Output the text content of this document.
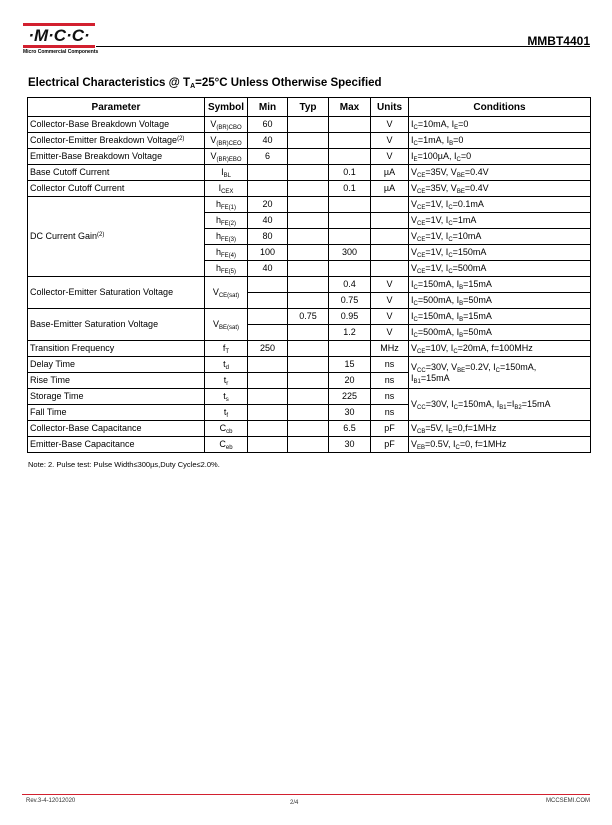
·M·C·C·
Micro Commercial Components
MMBT4401
Electrical Characteristics @ $T_A=25^\circ C$ Unless Otherwise Specified
Parameter	Symbol	Min	Typ	Max	Units	Conditions
Collector-Base Breakdown Voltage	$V_{(BR)CBO}$	60			V	$I_C=10mA$, $I_E=0$
Collector-Emitter Breakdown Voltage$^{(2)}$	$V_{(BR)CEO}$	40			V	$I_C=1mA$, $I_B=0$
Emitter-Base Breakdown Voltage	$V_{(BR)EBO}$	6			V	$I_E=100\mu A$, $I_C=0$
Base Cutoff Current	$I_{BL}$			0.1	µA	$V_{CE}=35V$, $V_{BE}=0.4V$
Collector Cutoff Current	$I_{CEX}$			0.1	µA	$V_{CE}=35V$, $V_{BE}=0.4V$
DC Current Gain$^{(2)}$	$h_{FE(1)}$	20				$V_{CE}=1V$, $I_C=0.1mA$
	$h_{FE(2)}$	40				$V_{CE}=1V$, $I_C=1mA$
	$h_{FE(3)}$	80				$V_{CE}=1V$, $I_C=10mA$
	$h_{FE(4)}$	100		300		$V_{CE}=1V$, $I_C=150mA$
	$h_{FE(5)}$	40				$V_{CE}=1V$, $I_C=500mA$
Collector-Emitter Saturation Voltage	$V_{CE(sat)}$			0.4	V	$I_C=150mA$, $I_B=15mA$
				0.75	V	$I_C=500mA$, $I_B=50mA$
Base-Emitter Saturation Voltage	$V_{BE(sat)}$		0.75	0.95	V	$I_C=150mA$, $I_B=15mA$
				1.2	V	$I_C=500mA$, $I_B=50mA$
Transition Frequency	$f_T$	250			MHz	$V_{CE}=10V$, $I_C=20mA$, f=100MHz
Delay Time	$t_d$			15	ns	$V_{CC}=30V$, $V_{BE}=0.2V$, $I_C=150mA$,
$I_{B1}=15mA$
Rise Time	$t_r$			20	ns	
Storage Time	$t_s$			225	ns	$V_{CC}=30V$, $I_C=150mA$, $I_{B1}=I_{B2}=15mA$
Fall Time	$t_f$			30	ns	
Collector-Base Capacitance	$C_{cb}$			6.5	pF	$V_{CB}=5V$, $I_E=0,f=1MHz$
Emitter-Base Capacitance	$C_{eb}$			30	pF	$V_{EB}=0.5V$, $I_C=0$, f=1MHz
Note: 2. Pulse test: Pulse Width≤300µs,Duty Cycle≤2.0%.
Rev.3-4-12012020	2/4	MCCSEMI.COM
